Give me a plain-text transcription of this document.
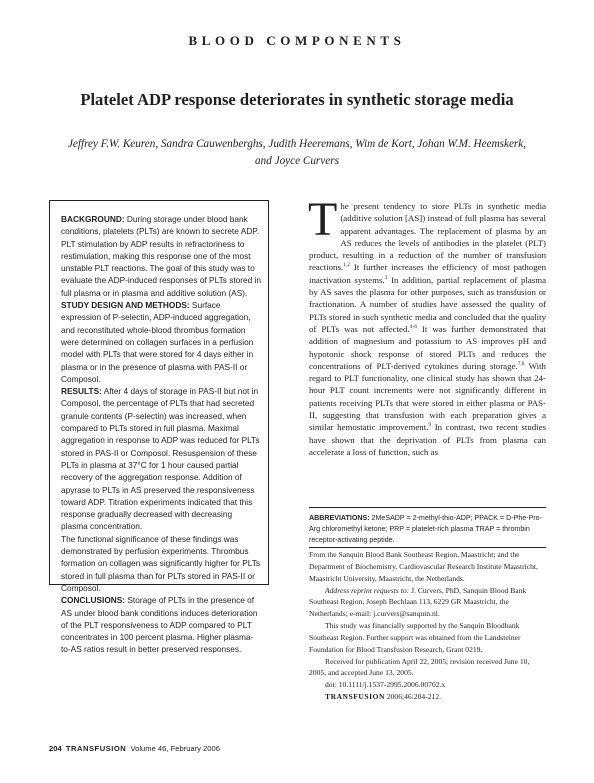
BLOOD COMPONENTS
Platelet ADP response deteriorates in synthetic storage media
Jeffrey F.W. Keuren, Sandra Cauwenberghs, Judith Heeremans, Wim de Kort, Johan W.M. Heemskerk,
and Joyce Curvers

BACKGROUND: During storage under blood bank conditions, platelets (PLTs) are known to secrete ADP. PLT stimulation by ADP results in refractoriness to restimulation, making this response one of the most unstable PLT reactions. The goal of this study was to evaluate the ADP-induced responses of PLTs stored in full plasma or in plasma and additive solution (AS).

STUDY DESIGN AND METHODS: Surface expression of P-selectin, ADP-induced aggregation, and reconstituted whole-blood thrombus formation were determined on collagen surfaces in a perfusion model with PLTs that were stored for 4 days either in plasma or in the presence of plasma with PAS-II or Composol.

RESULTS: After 4 days of storage in PAS-II but not in Composol, the percentage of PLTs that had secreted granule contents (P-selectin) was increased, when compared to PLTs stored in full plasma. Maximal aggregation in response to ADP was reduced for PLTs stored in PAS-II or Composol. Resuspension of these PLTs in plasma at 37°C for 1 hour caused partial recovery of the aggregation response. Addition of apyrase to PLTs in AS preserved the responsiveness toward ADP. Titration experiments indicated that this response gradually decreased with decreasing plasma concentration.

The functional significance of these findings was demonstrated by perfusion experiments. Thrombus formation on collagen was significantly higher for PLTs stored in full plasma than for PLTs stored in PAS-II or Composol.

CONCLUSIONS: Storage of PLTs in the presence of AS under blood bank conditions induces deterioration of the PLT responsiveness to ADP compared to PLT concentrates in 100 percent plasma. Higher plasma-to-AS ratios result in better preserved responses.

The present tendency to store PLTs in synthetic media (additive solution [AS]) instead of full plasma has several apparent advantages. The replacement of plasma by an AS reduces the levels of antibodies in the platelet (PLT) product, resulting in a reduction of the number of transfusion reactions.$^{1,2}$ It further increases the efficiency of most pathogen inactivation systems.$^3$ In addition, partial replacement of plasma by AS saves the plasma for other purposes, such as transfusion or fractionation. A number of studies have assessed the quality of PLTs stored in such synthetic media and concluded that the quality of PLTs was not affected.$^{4-6}$ It was further demonstrated that addition of magnesium and potassium to AS improves pH and hypotonic shock response of stored PLTs and reduces the concentrations of PLT-derived cytokines during storage.$^{7,8}$ With regard to PLT functionality, one clinical study has shown that 24-hour PLT count increments were not significantly different in patients receiving PLTs that were stored in either plasma or PAS-II, suggesting that transfusion with each preparation gives a similar hemostatic improvement.$^9$ In contrast, two recent studies have shown that the deprivation of PLTs from plasma can accelerate a loss of function, such as

ABBREVIATIONS: 2MeSADP = 2-methyl-thio-ADP; PPACK = D-Phe-Pro-Arg chloromethyl ketone; PRP = platelet-rich plasma TRAP = thrombin receptor-activating peptide.

From the Sanquin Blood Bank Southeast Region, Maastricht; and the Department of Biochemistry, Cardiovascular Research Institute Maastricht, Maastricht University, Maastricht, the Netherlands.

Address reprint requests to: J. Curvers, PhD, Sanquin Blood Bank Southeast Region, Joseph Bechlaan 113, 6229 GR Maastricht, the Netherlands; e-mail: j.curvers@sanquin.nl.

This study was financially supported by the Sanquin Bloodbank Southeast Region. Further support was obtained from the Landsteiner Foundation for Blood Transfusion Research, Grant 0219.

Received for publication April 22, 2005; revision received June 10, 2005, and accepted June 13, 2005.

doi: 10.1111/j.1537-2995.2006.00702.x

TRANSFUSION 2006;46:204-212.

204 TRANSFUSION Volume 46, February 2006
